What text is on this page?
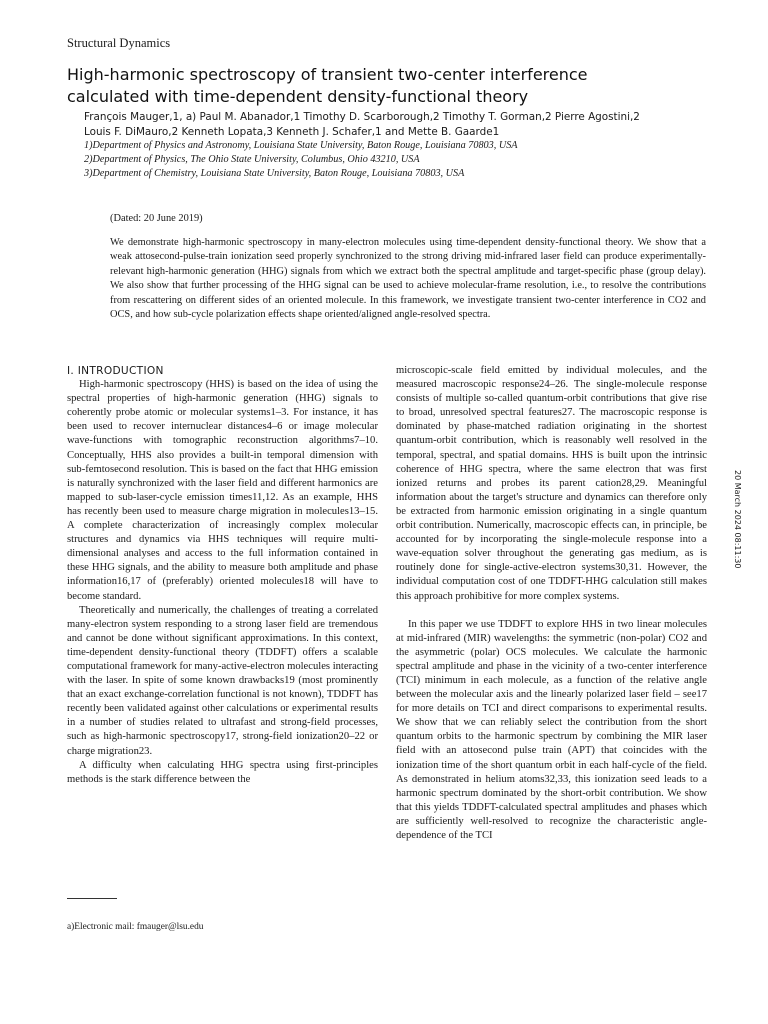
Structural Dynamics
High-harmonic spectroscopy of transient two-center interference
calculated with time-dependent density-functional theory
François Mauger,1, a) Paul M. Abanador,1 Timothy D. Scarborough,2 Timothy T. Gorman,2 Pierre Agostini,2
Louis F. DiMauro,2 Kenneth Lopata,3 Kenneth J. Schafer,1 and Mette B. Gaarde1
1)Department of Physics and Astronomy, Louisiana State University, Baton Rouge, Louisiana 70803, USA
2)Department of Physics, The Ohio State University, Columbus, Ohio 43210, USA
3)Department of Chemistry, Louisiana State University, Baton Rouge, Louisiana 70803, USA
(Dated: 20 June 2019)
We demonstrate high-harmonic spectroscopy in many-electron molecules using time-dependent density-functional theory. We show that a weak attosecond-pulse-train ionization seed properly synchronized to the strong driving mid-infrared laser field can produce experimentally-relevant high-harmonic generation (HHG) signals from which we extract both the spectral amplitude and target-specific phase (group delay). We also show that further processing of the HHG signal can be used to achieve molecular-frame resolution, i.e., to resolve the contributions from rescattering on different sides of an oriented molecule. In this framework, we investigate transient two-center interference in CO2 and OCS, and how sub-cycle polarization effects shape oriented/aligned angle-resolved spectra.

I. INTRODUCTION

High-harmonic spectroscopy (HHS) is based on the idea of using the spectral properties of high-harmonic generation (HHG) signals to coherently probe atomic or molecular systems1–3. For instance, it has been used to recover internuclear distances4–6 or image molecular wave-functions with tomographic reconstruction algorithms7–10. Conceptually, HHS also provides a built-in temporal dimension with sub-femtosecond resolution. This is based on the fact that HHG emission is naturally synchronized with the laser field and different harmonics are mapped to sub-laser-cycle emission times11,12. As an example, HHS has recently been used to measure charge migration in molecules13–15. A complete characterization of increasingly complex molecular structures and dynamics via HHS techniques will require multi-dimensional analyses and access to the full information contained in these HHG signals, and the ability to measure both amplitude and phase information16,17 of (preferably) oriented molecules18 will have to become standard.

Theoretically and numerically, the challenges of treating a correlated many-electron system responding to a strong laser field are tremendous and cannot be done without significant approximations. In this context, time-dependent density-functional theory (TDDFT) offers a scalable computational framework for many-active-electron molecules interacting with the laser. In spite of some known drawbacks19 (most prominently that an exact exchange-correlation functional is not known), TDDFT has recently been validated against other calculations or experimental results in a number of studies related to ultrafast and strong-field processes, such as high-harmonic spectroscopy17, strong-field ionization20–22 or charge migration23.

A difficulty when calculating HHG spectra using first-principles methods is the stark difference between the

microscopic-scale field emitted by individual molecules, and the measured macroscopic response24–26. The single-molecule response consists of multiple so-called quantum-orbit contributions that give rise to broad, unresolved spectral features27. The macroscopic response is dominated by phase-matched radiation originating in the shortest quantum-orbit contribution, which is reasonably well resolved in the temporal, spectral, and spatial domains. HHS is built upon the intrinsic coherence of HHG spectra, where the same electron that was first ionized returns and probes its parent cation28,29. Meaningful information about the target's structure and dynamics can therefore only be extracted from harmonic emission originating in a single quantum orbit contribution. Numerically, macroscopic effects can, in principle, be accounted for by incorporating the single-molecule response into a wave-equation solver throughout the generating gas medium, as is routinely done for single-active-electron systems30,31. However, the individual computation cost of one TDDFT-HHG calculation still makes this approach prohibitive for more complex systems.

In this paper we use TDDFT to explore HHS in two linear molecules at mid-infrared (MIR) wavelengths: the symmetric (non-polar) CO2 and the asymmetric (polar) OCS molecules. We calculate the harmonic spectral amplitude and phase in the vicinity of a two-center interference (TCI) minimum in each molecule, as a function of the relative angle between the molecular axis and the linearly polarized laser field – see17 for more details on TCI and direct comparisons to experimental results. We show that we can reliably select the contribution from the short quantum orbits to the harmonic spectrum by combining the MIR laser field with an attosecond pulse train (APT) that coincides with the ionization time of the short quantum orbit in each half-cycle of the field. As demonstrated in helium atoms32,33, this ionization seed leads to a harmonic spectrum dominated by the short-orbit contribution. We show that this yields TDDFT-calculated spectral amplitudes and phases which are sufficiently well-resolved to recognize the characteristic angle-dependence of the TCI

a)Electronic mail: fmauger@lsu.edu
20 March 2024 08:11:30
